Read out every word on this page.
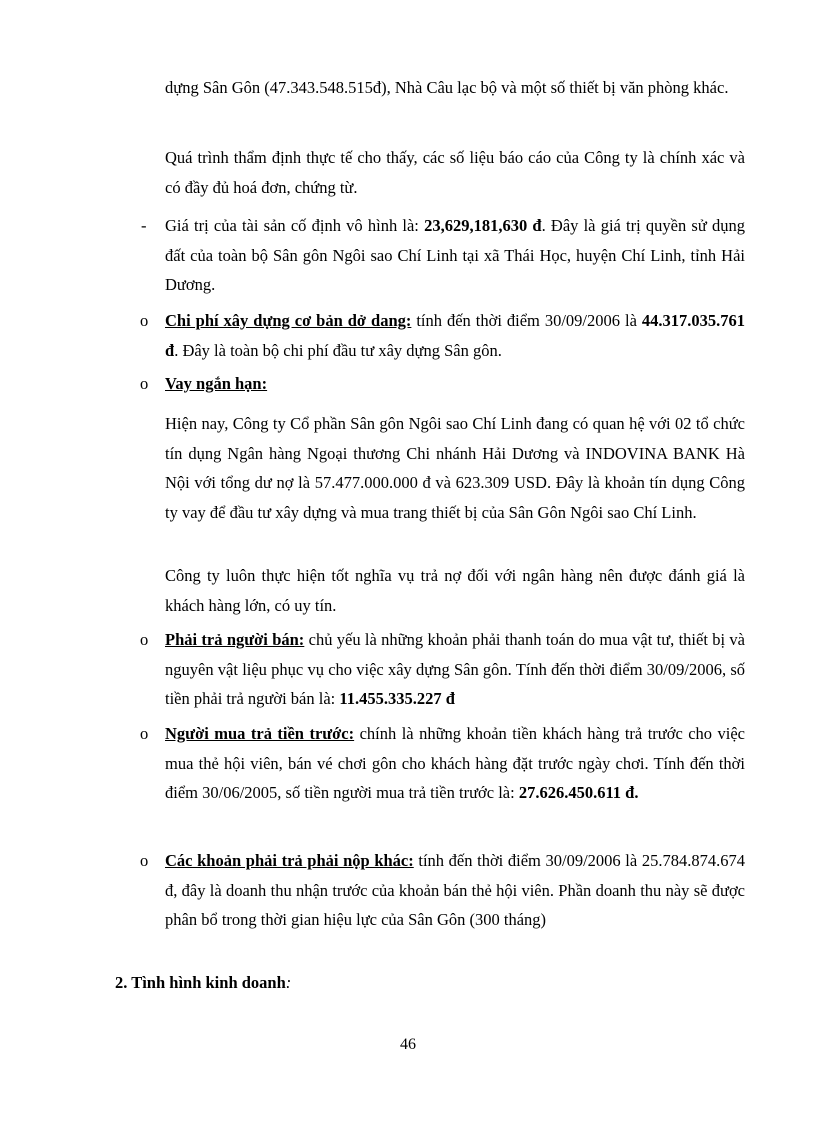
dựng Sân Gôn (47.343.548.515đ), Nhà Câu lạc bộ và một số thiết bị văn phòng khác.

Quá trình thẩm định thực tế cho thấy, các số liệu báo cáo của Công ty là chính xác và có đầy đủ hoá đơn, chứng từ.

- Giá trị của tài sản cố định vô hình là: 23,629,181,630 đ. Đây là giá trị quyền sử dụng đất của toàn bộ Sân gôn Ngôi sao Chí Linh tại xã Thái Học, huyện Chí Linh, tỉnh Hải Dương.

o Chi phí xây dựng cơ bản dở dang: tính đến thời điểm 30/09/2006 là 44.317.035.761 đ. Đây là toàn bộ chi phí đầu tư xây dựng Sân gôn.

o Vay ngắn hạn:

Hiện nay, Công ty Cổ phần Sân gôn Ngôi sao Chí Linh đang có quan hệ với 02 tổ chức tín dụng Ngân hàng Ngoại thương Chi nhánh Hải Dương và INDOVINA BANK Hà Nội với tổng dư nợ là 57.477.000.000 đ và 623.309 USD. Đây là khoản tín dụng Công ty vay để đầu tư xây dựng và mua trang thiết bị của Sân Gôn Ngôi sao Chí Linh.

Công ty luôn thực hiện tốt nghĩa vụ trả nợ đối với ngân hàng nên được đánh giá là khách hàng lớn, có uy tín.

o Phải trả người bán: chủ yếu là những khoản phải thanh toán do mua vật tư, thiết bị và nguyên vật liệu phục vụ cho việc xây dựng Sân gôn. Tính đến thời điểm 30/09/2006, số tiền phải trả người bán là: 11.455.335.227 đ

o Người mua trả tiền trước: chính là những khoản tiền khách hàng trả trước cho việc mua thẻ hội viên, bán vé chơi gôn cho khách hàng đặt trước ngày chơi. Tính đến thời điểm 30/06/2005, số tiền người mua trả tiền trước là: 27.626.450.611 đ.

o Các khoản phải trả phải nộp khác: tính đến thời điểm 30/09/2006 là 25.784.874.674 đ, đây là doanh thu nhận trước của khoản bán thẻ hội viên. Phần doanh thu này sẽ được phân bổ trong thời gian hiệu lực của Sân Gôn (300 tháng)

2. Tình hình kinh doanh:

46
